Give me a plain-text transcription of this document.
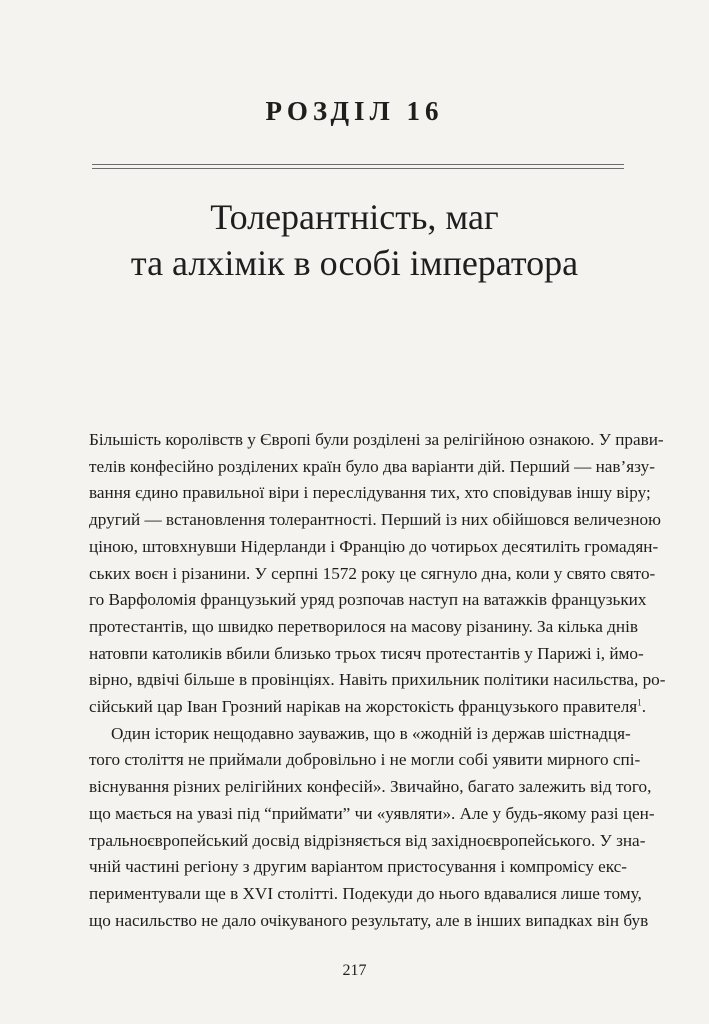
РОЗДІЛ 16
Толерантність, маг
та алхімік в особі імператора
Більшість королівств у Європі були розділені за релігійною ознакою. У прави-
телів конфесійно розділених країн було два варіанти дій. Перший — нав’язу-
вання єдино правильної віри і переслідування тих, хто сповідував іншу віру;
другий — встановлення толерантності. Перший із них обійшовся величезною
ціною, штовхнувши Нідерланди і Францію до чотирьох десятиліть громадян-
ських воєн і різанини. У серпні 1572 року це сягнуло дна, коли у свято свято-
го Варфоломія французький уряд розпочав наступ на ватажків французьких
протестантів, що швидко перетворилося на масову різанину. За кілька днів
натовпи католиків вбили близько трьох тисяч протестантів у Парижі і, ймо-
вірно, вдвічі більше в провінціях. Навіть прихильник політики насильства, ро-
сійський цар Іван Грозний нарікав на жорстокість французького правителя$^1$.
Один історик нещодавно зауважив, що в «жодній із держав шістнадця-
того століття не приймали добровільно і не могли собі уявити мирного спі-
віснування різних релігійних конфесій». Звичайно, багато залежить від того,
що мається на увазі під “приймати” чи «уявляти». Але у будь-якому разі цен-
тральноєвропейський досвід відрізняється від західноєвропейського. У зна-
чній частині регіону з другим варіантом пристосування і компромісу екс-
периментували ще в XVI столітті. Подекуди до нього вдавалися лише тому,
що насильство не дало очікуваного результату, але в інших випадках він був
217
